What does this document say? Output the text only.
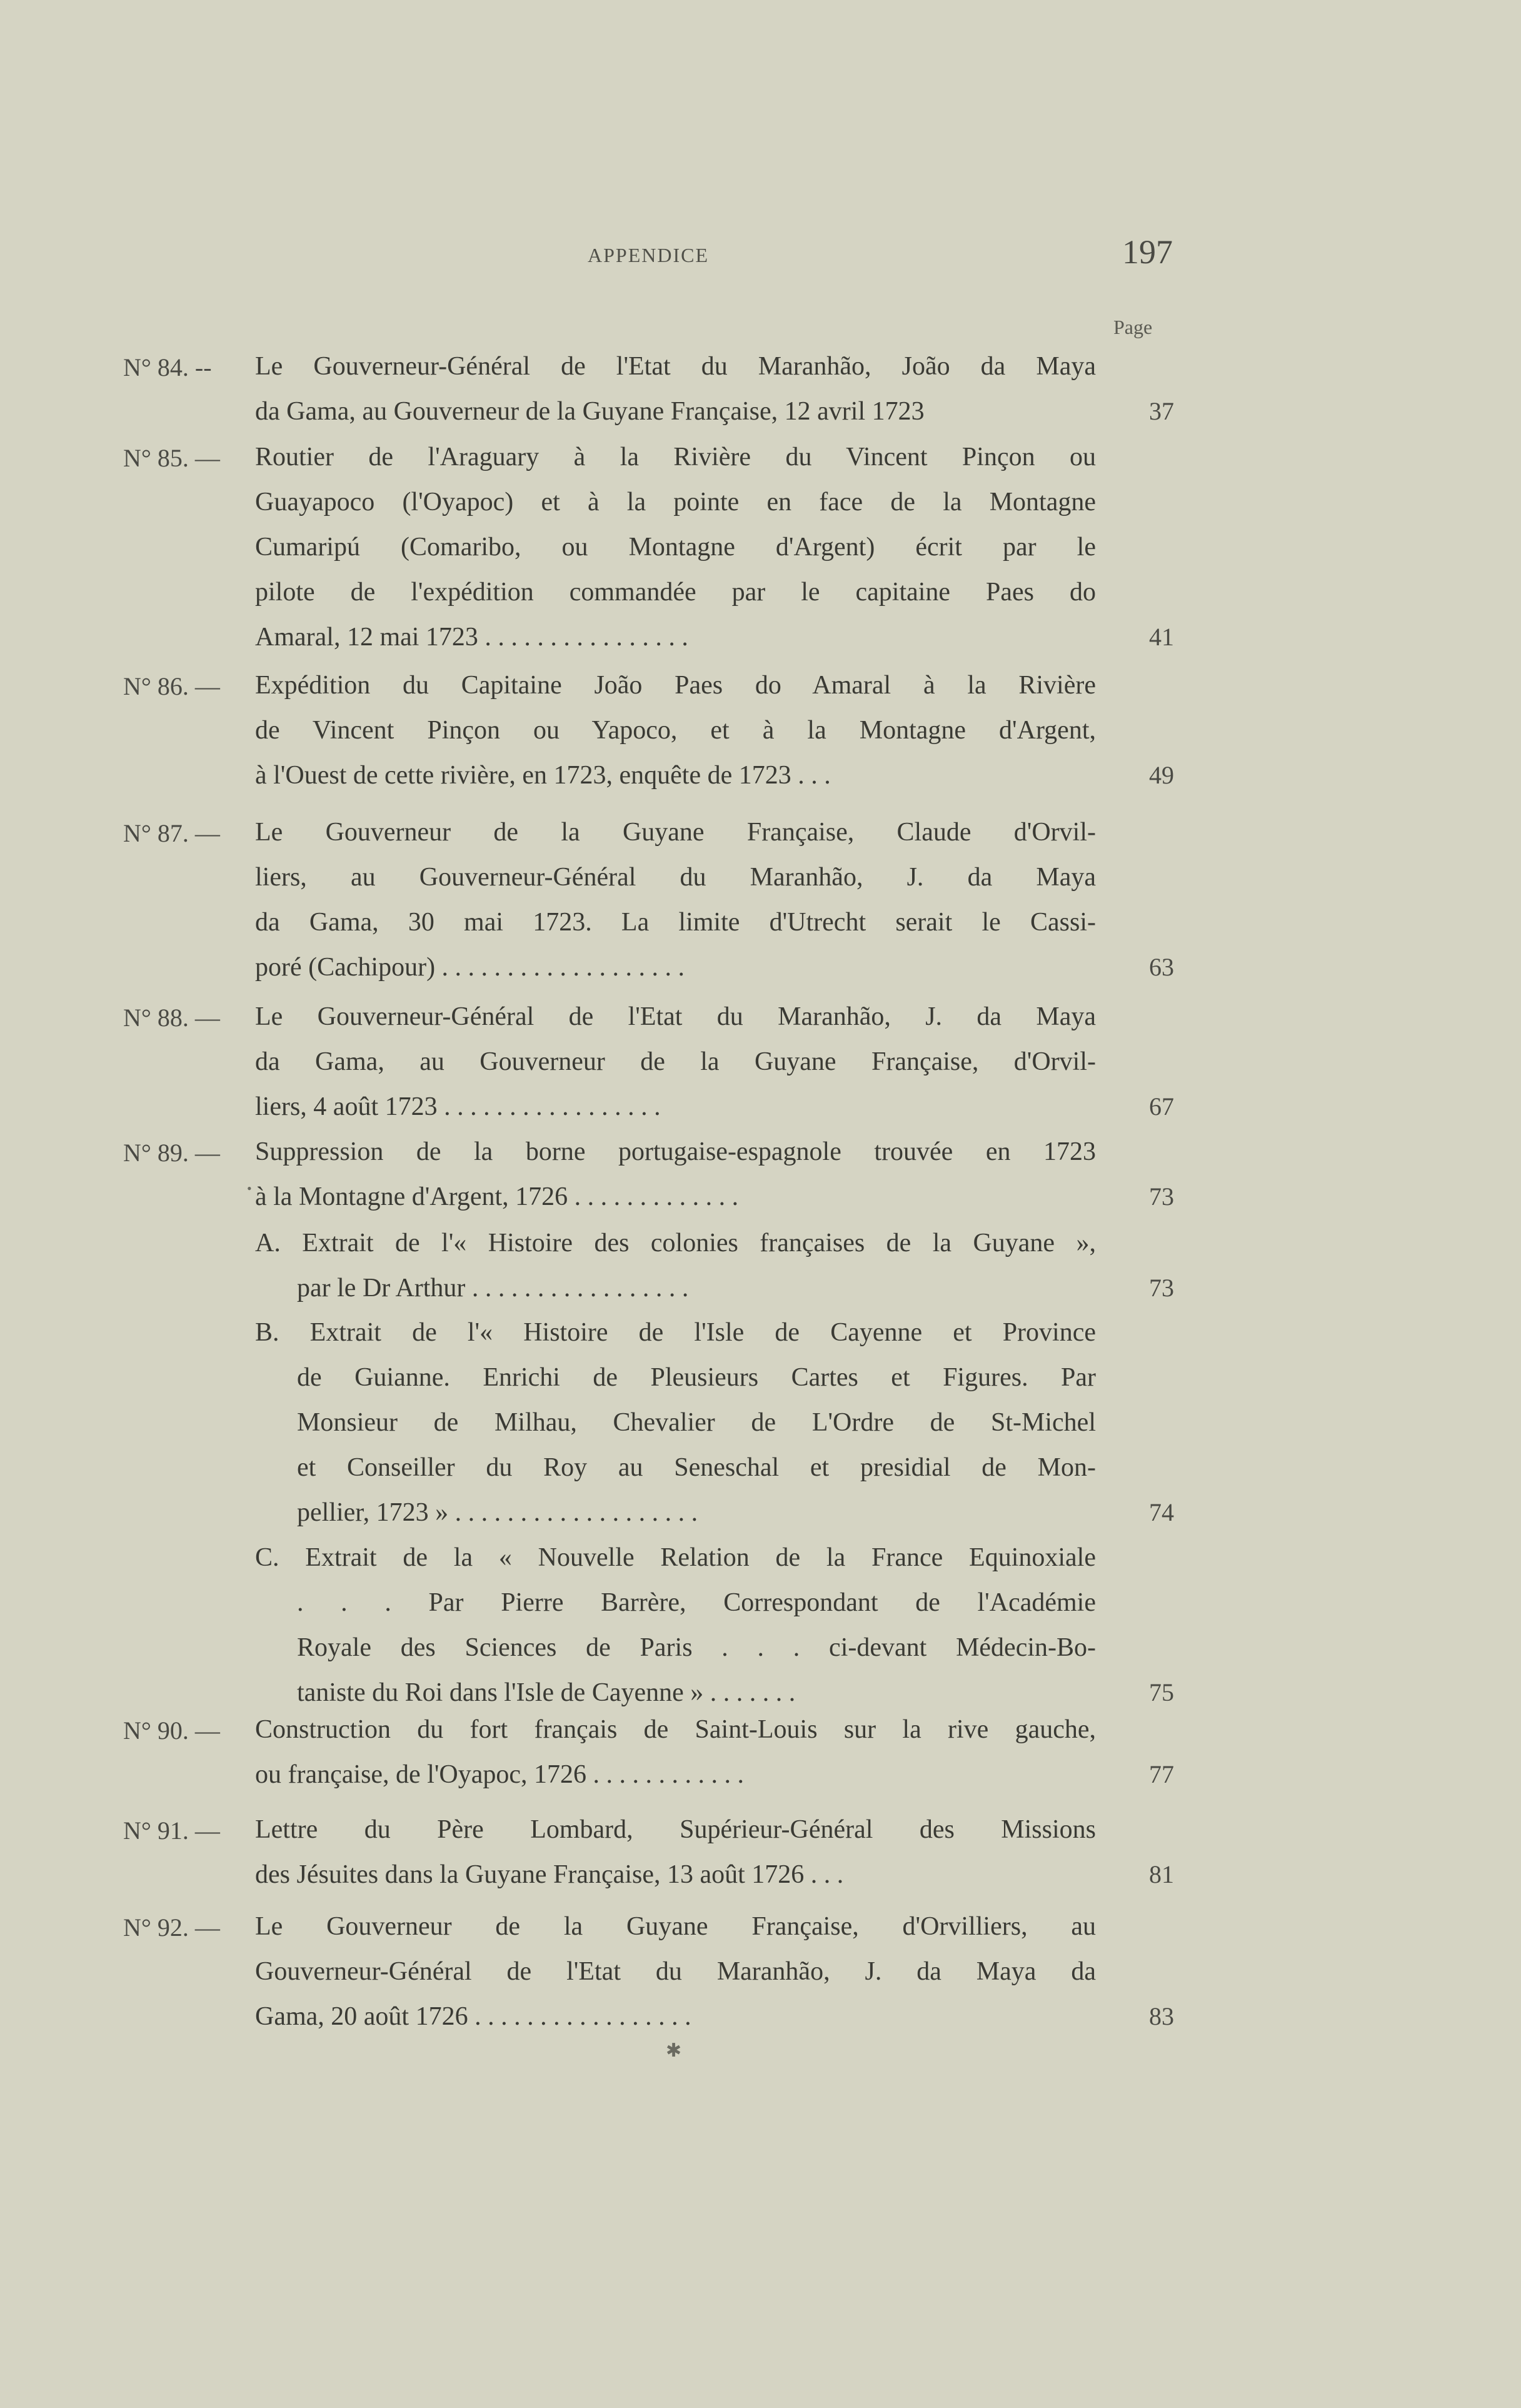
APPENDICE	197
Page
N° 84. -- Le Gouverneur-Général de l'Etat du Maranhão, João da Maya
da Gama, au Gouverneur de la Guyane Française, 12 avril 1723	37
N° 85. — Routier de l'Araguary à la Rivière du Vincent Pinçon ou
Guayapoco (l'Oyapoc) et à la pointe en face de la Montagne
Cumaripú (Comaribo, ou Montagne d'Argent) écrit par le
pilote de l'expédition commandée par le capitaine Paes do
Amaral, 12 mai 1723 . . . . . . . . . . . . . . . .	41
N° 86. — Expédition du Capitaine João Paes do Amaral à la Rivière
de Vincent Pinçon ou Yapoco, et à la Montagne d'Argent,
à l'Ouest de cette rivière, en 1723, enquête de 1723 . . .	49
N° 87. — Le Gouverneur de la Guyane Française, Claude d'Orvil-
liers, au Gouverneur-Général du Maranhão, J. da Maya
da Gama, 30 mai 1723. La limite d'Utrecht serait le Cassi-
poré (Cachipour) . . . . . . . . . . . . . . . . . . .	63
N° 88. — Le Gouverneur-Général de l'Etat du Maranhão, J. da Maya
da Gama, au Gouverneur de la Guyane Française, d'Orvil-
liers, 4 août 1723 . . . . . . . . . . . . . . . . .	67
N° 89. — Suppression de la borne portugaise-espagnole trouvée en 1723
à la Montagne d'Argent, 1726 . . . . . . . . . . . . .	73
A. Extrait de l'« Histoire des colonies françaises de la Guyane »,
par le Dr Arthur . . . . . . . . . . . . . . . . .	73
B. Extrait de l'« Histoire de l'Isle de Cayenne et Province
de Guianne. Enrichi de Pleusieurs Cartes et Figures. Par
Monsieur de Milhau, Chevalier de L'Ordre de St-Michel
et Conseiller du Roy au Seneschal et presidial de Mon-
pellier, 1723 » . . . . . . . . . . . . . . . . . . .	74
C. Extrait de la « Nouvelle Relation de la France Equinoxiale
. . . Par Pierre Barrère, Correspondant de l'Académie
Royale des Sciences de Paris . . . ci-devant Médecin-Bo-
taniste du Roi dans l'Isle de Cayenne » . . . . . . .	75
N° 90. — Construction du fort français de Saint-Louis sur la rive gauche,
ou française, de l'Oyapoc, 1726 . . . . . . . . . . . .	77
N° 91. — Lettre du Père Lombard, Supérieur-Général des Missions
des Jésuites dans la Guyane Française, 13 août 1726 . . .	81
N° 92. — Le Gouverneur de la Guyane Française, d'Orvilliers, au
Gouverneur-Général de l'Etat du Maranhão, J. da Maya da
Gama, 20 août 1726 . . . . . . . . . . . . . . . . .	83
✱
•
